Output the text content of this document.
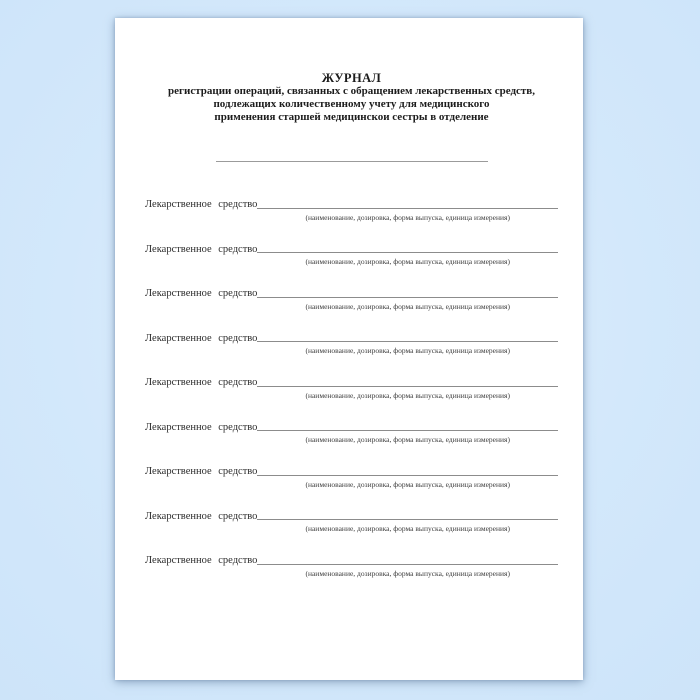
ЖУРНАЛ
регистрации операций, связанных с обращением лекарственных средств,
подлежащих количественному учету для медицинского
применения старшей медицинскои сестры в отделение
Лекарственное средство
(наименование, дозировка, форма выпуска, единица измерения)
Лекарственное средство
(наименование, дозировка, форма выпуска, единица измерения)
Лекарственное средство
(наименование, дозировка, форма выпуска, единица измерения)
Лекарственное средство
(наименование, дозировка, форма выпуска, единица измерения)
Лекарственное средство
(наименование, дозировка, форма выпуска, единица измерения)
Лекарственное средство
(наименование, дозировка, форма выпуска, единица измерения)
Лекарственное средство
(наименование, дозировка, форма выпуска, единица измерения)
Лекарственное средство
(наименование, дозировка, форма выпуска, единица измерения)
Лекарственное средство
(наименование, дозировка, форма выпуска, единица измерения)
